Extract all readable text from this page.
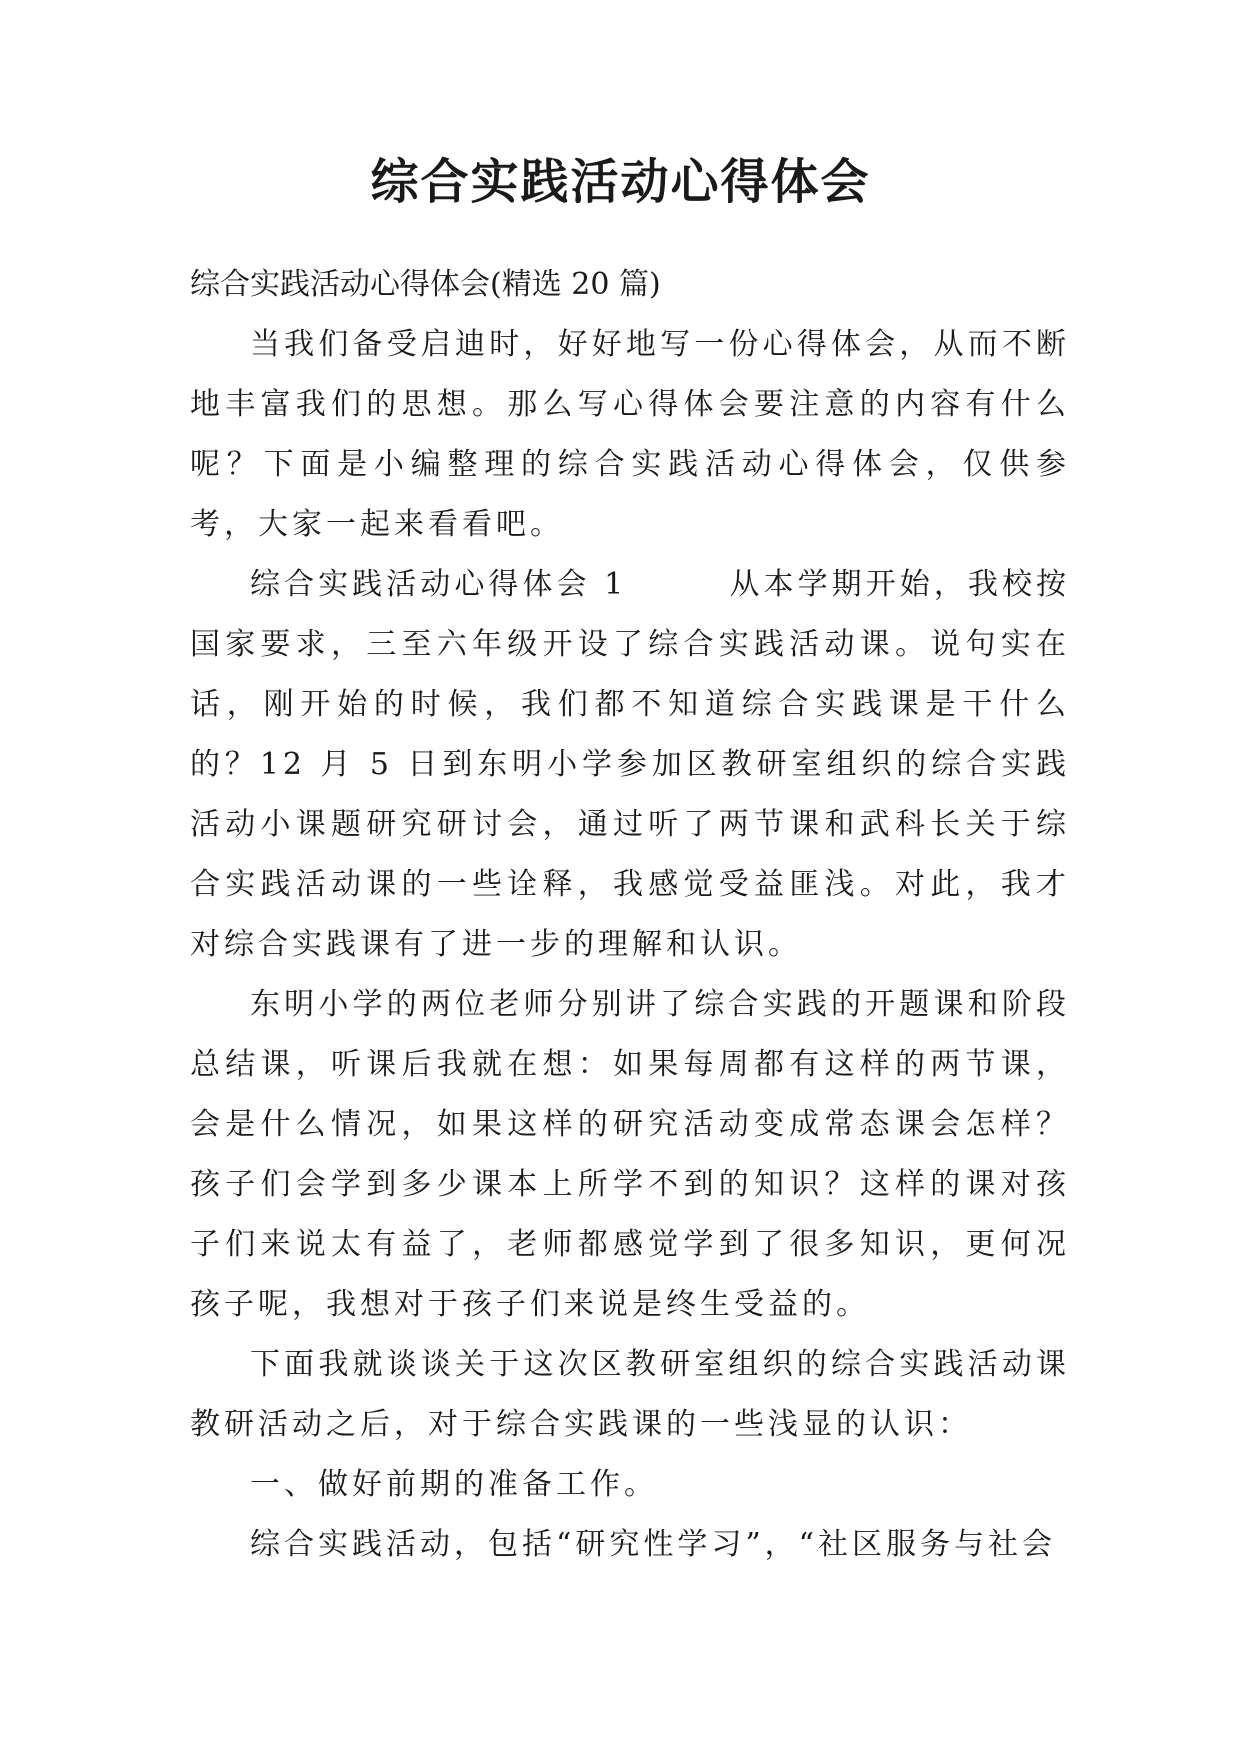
综合实践活动心得体会

综合实践活动心得体会(精选 20 篇)

当我们备受启迪时，好好地写一份心得体会，从而不断地丰富我们的思想。那么写心得体会要注意的内容有什么呢？下面是小编整理的综合实践活动心得体会，仅供参考，大家一起来看看吧。

综合实践活动心得体会 1　　　从本学期开始，我校按国家要求，三至六年级开设了综合实践活动课。说句实在话，刚开始的时候，我们都不知道综合实践课是干什么的？12 月 5 日到东明小学参加区教研室组织的综合实践活动小课题研究研讨会，通过听了两节课和武科长关于综合实践活动课的一些诠释，我感觉受益匪浅。对此，我才对综合实践课有了进一步的理解和认识。

东明小学的两位老师分别讲了综合实践的开题课和阶段总结课，听课后我就在想：如果每周都有这样的两节课，会是什么情况，如果这样的研究活动变成常态课会怎样？孩子们会学到多少课本上所学不到的知识？这样的课对孩子们来说太有益了，老师都感觉学到了很多知识，更何况孩子呢，我想对于孩子们来说是终生受益的。

下面我就谈谈关于这次区教研室组织的综合实践活动课教研活动之后，对于综合实践课的一些浅显的认识：

一、做好前期的准备工作。

综合实践活动，包括“研究性学习”，“社区服务与社会
